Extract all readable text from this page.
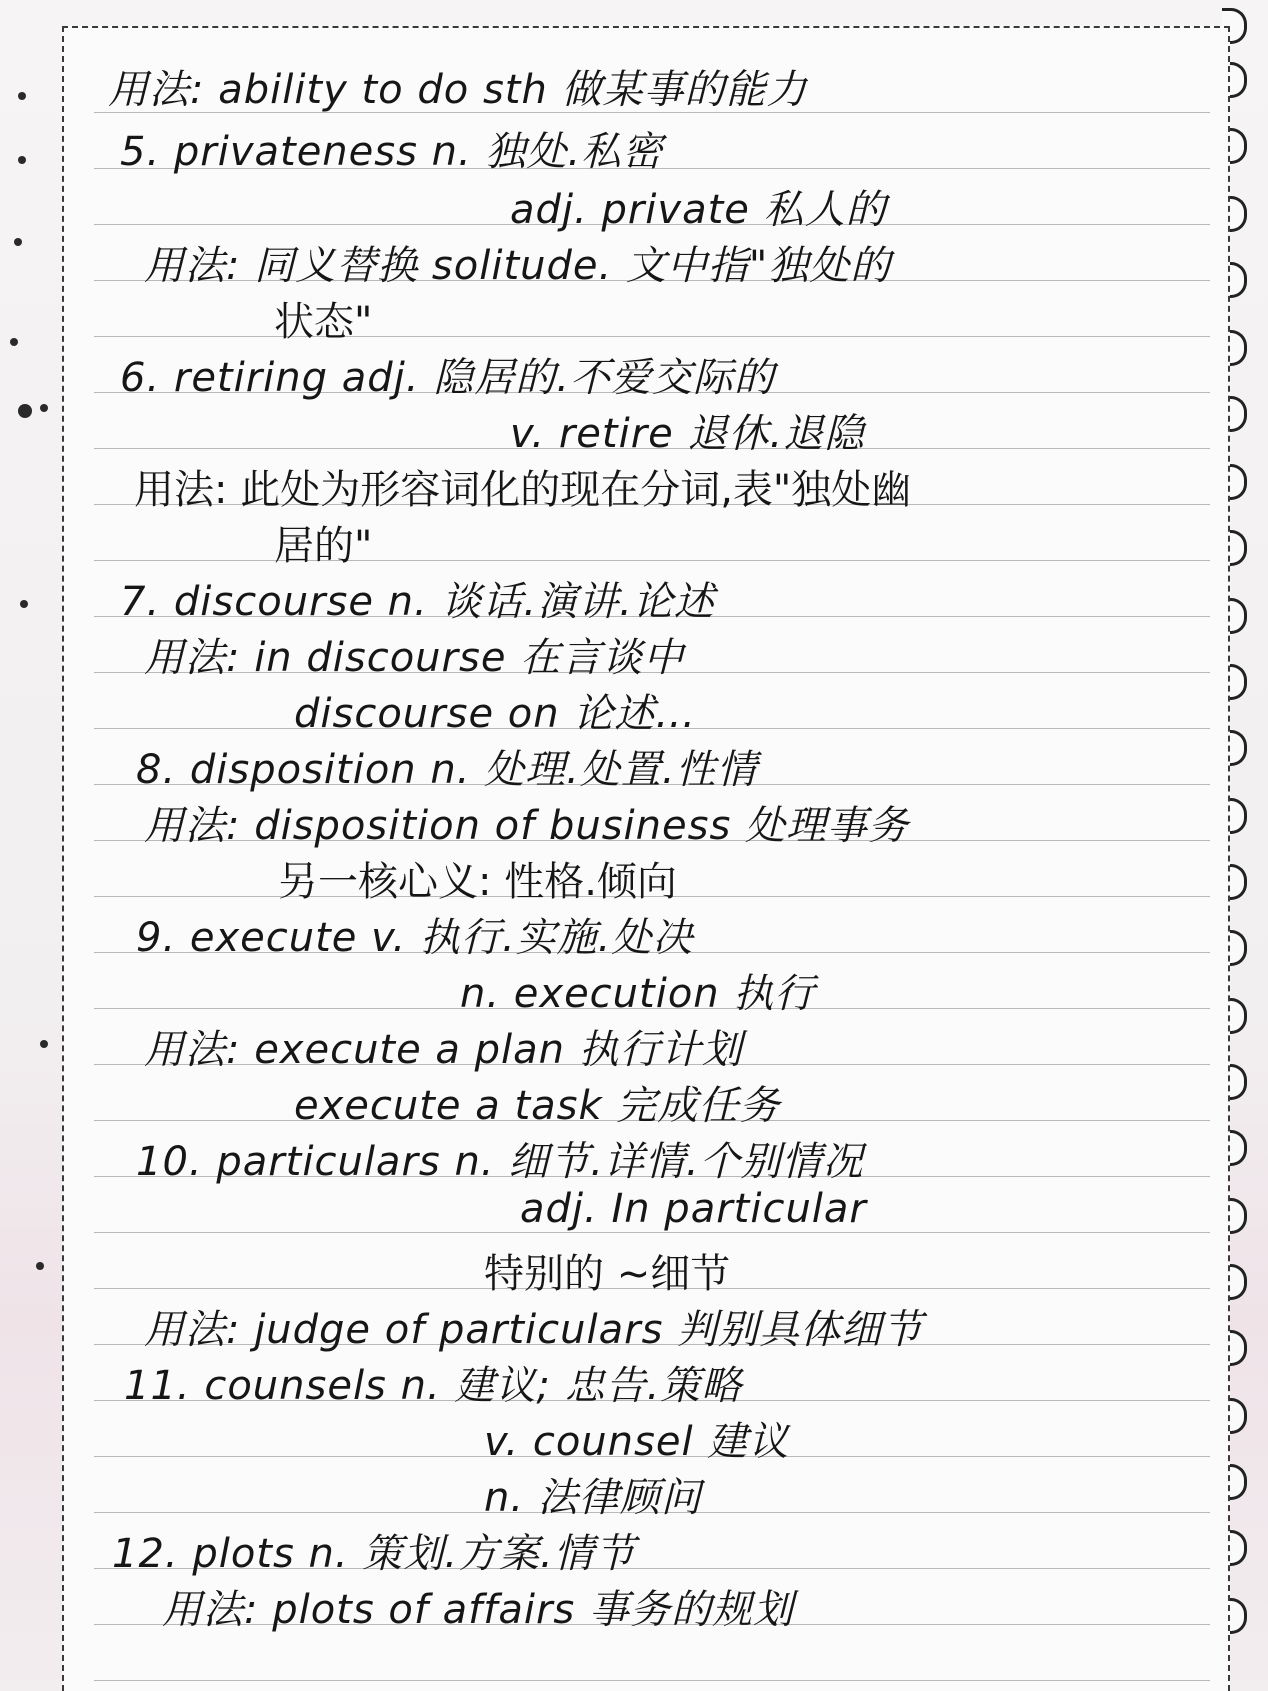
用法: ability to do sth 做某事的能力
5. privateness n. 独处.私密
adj. private 私人的
用法: 同义替换 solitude. 文中指"独处的
状态"
6. retiring adj. 隐居的.不爱交际的
v. retire 退休.退隐
用法: 此处为形容词化的现在分词,表"独处幽
居的"
7. discourse n. 谈话.演讲.论述
用法: in discourse 在言谈中
discourse on 论述…
8. disposition n. 处理.处置.性情
用法: disposition of business 处理事务
另一核心义: 性格.倾向
9. execute v. 执行.实施.处决
n. execution 执行
用法: execute a plan 执行计划
execute a task 完成任务
10. particulars n. 细节.详情.个别情况
adj. In particular
特别的 ~细节
用法: judge of particulars 判别具体细节
11. counsels n. 建议; 忠告.策略
v. counsel 建议
n. 法律顾问
12. plots n. 策划.方案.情节
用法: plots of affairs 事务的规划
